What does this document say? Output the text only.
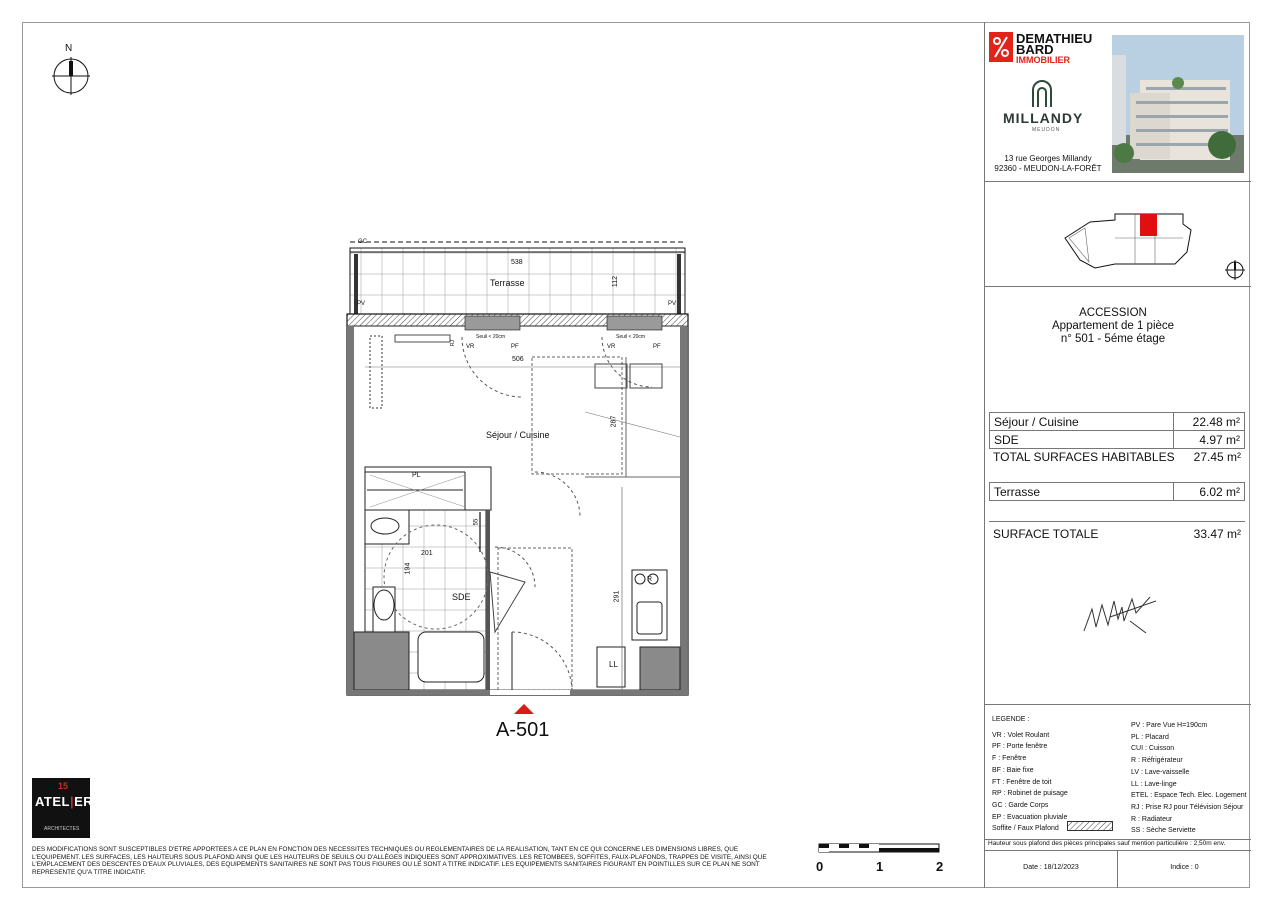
N
GC
538
112
Terrasse
PV	PV
Seuil < 20cm	Seuil < 20cm
RJ
VR	PF	VR	PF
506
287
Séjour / Cuisine
PL
55
201
194
R
291
SDE
LL
A-501
15
ATEL|ERS
ARCHITECTES
DES MODIFICATIONS SONT SUSCEPTIBLES D'ETRE APPORTEES A CE PLAN EN FONCTION DES NECESSITES TECHNIQUES OU REGLEMENTAIRES DE LA REALISATION, TANT EN CE QUI CONCERNE LES DIMENSIONS LIBRES, QUE L'EQUIPEMENT. LES SURFACES, LES HAUTEURS SOUS PLAFOND AINSI QUE LES HAUTEURS DE SEUILS OU D'ALLÈGES INDIQUEES SONT APPROXIMATIVES. LES RETOMBEES, SOFFITES, FAUX-PLAFONDS, TRAPPES DE VISITE, AINSI QUE L'EMPLACEMENT DES DESCENTES D'EAUX PLUVIALES, DES EQUIPEMENTS SANITAIRES NE SONT PAS TOUS FIGURES OU LE SONT A TITRE INDICATIF. LES EQUIPEMENTS SANITAIRES FIGURANT EN POINTILLES SUR CE PLAN NE SONT REPRESENTE QU'A TITRE INDICATIF.	0	1	2
DEMATHIEU
BARD
IMMOBILIER
MILLANDY
MEUDON
13 rue Georges Millandy
92360 - MEUDON-LA-FORÊT
ACCESSION
Appartement de 1 pièce
n° 501 - 5éme étage
Séjour / Cuisine	22.48 m²
SDE	4.97 m²
TOTAL SURFACES HABITABLES	27.45 m²
Terrasse	6.02 m²
SURFACE TOTALE	33.47 m²
LEGENDE :
VR : Volet Roulant
PF : Porte fenêtre
F : Fenêtre
BF : Baie fixe
FT : Fenêtre de toit
RP : Robinet de puisage
GC : Garde Corps
EP : Evacuation pluviale
Soffite / Faux Plafond
PV : Pare Vue H=190cm
PL : Placard
CUI : Cuisson
R : Réfrigérateur
LV : Lave-vaisselle
LL : Lave-linge
ETEL : Espace Tech. Elec. Logement
RJ : Prise RJ pour Télévision Séjour
R : Radiateur
SS : Sèche Serviette
Hauteur sous plafond des pièces principales sauf mention particulière : 2,50m env.
Date : 18/12/2023	Indice : 0
